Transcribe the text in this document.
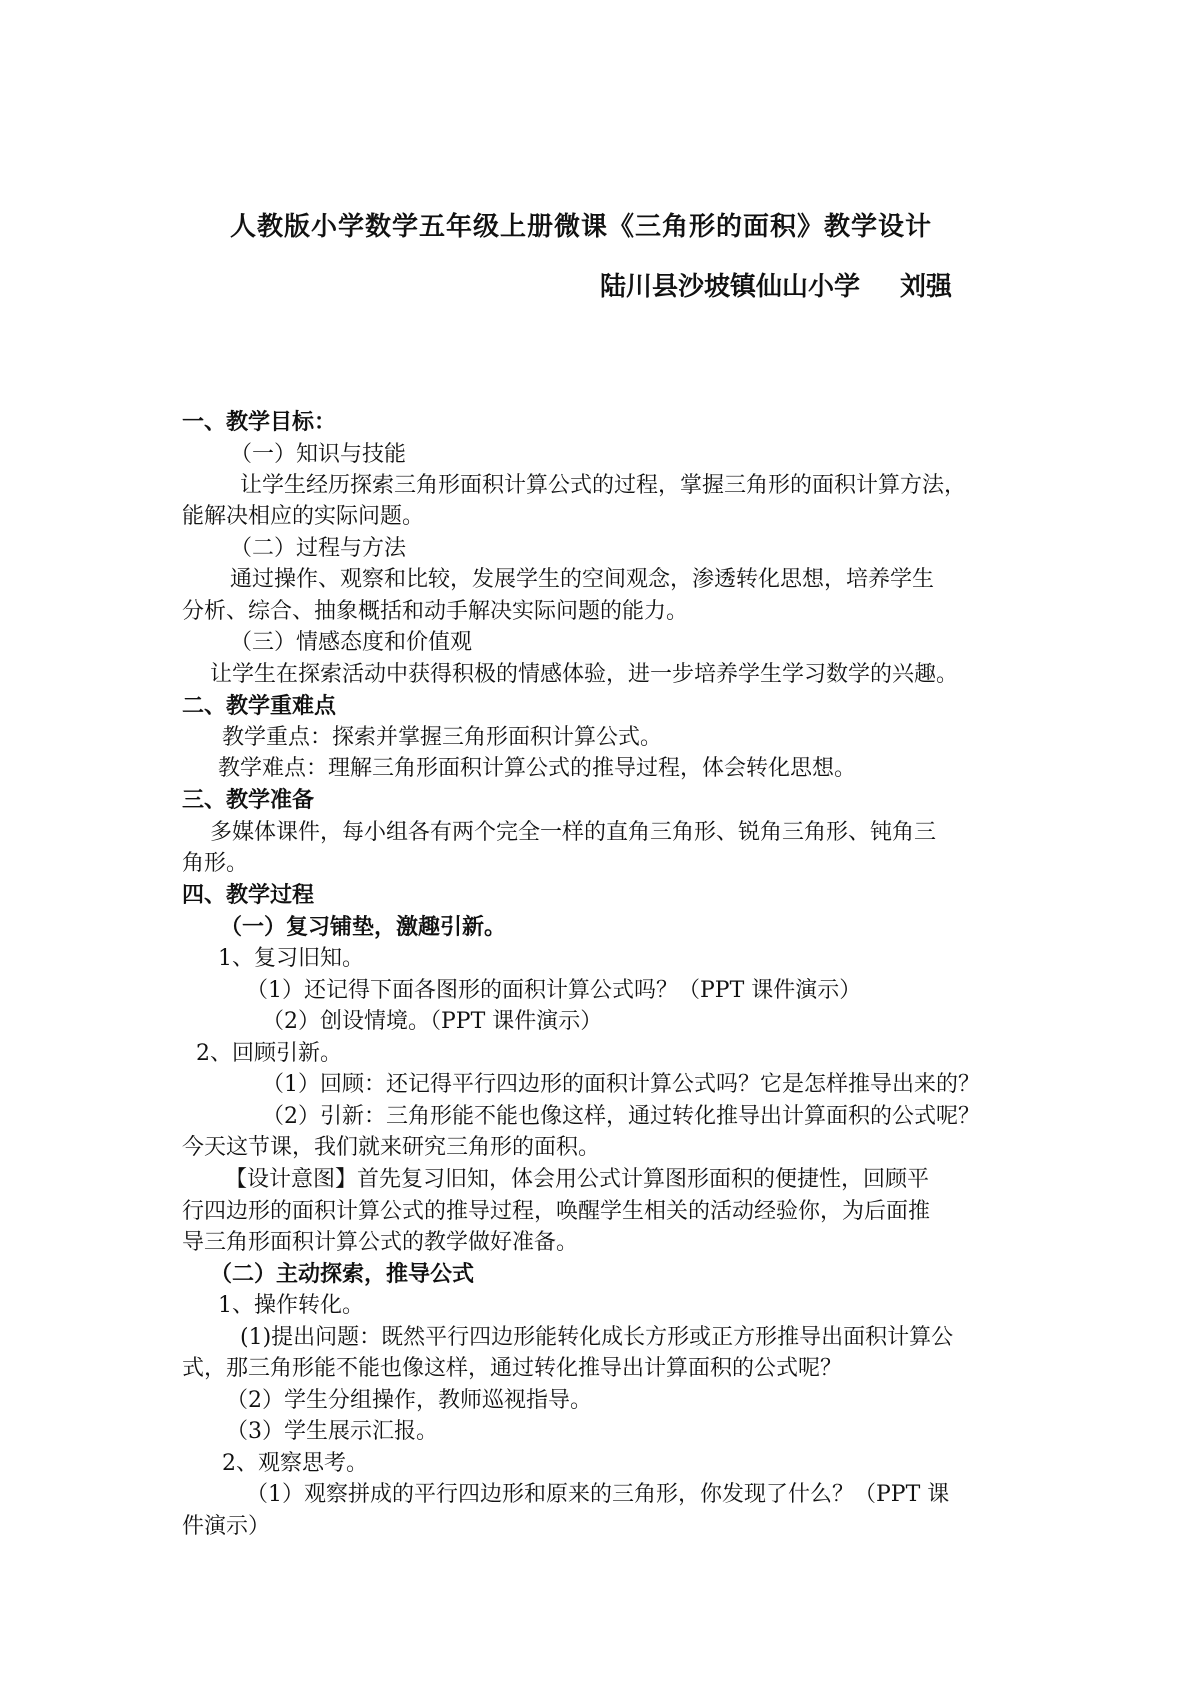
人教版小学数学五年级上册微课《三角形的面积》教学设计
陆川县沙坡镇仙山小学 刘强
一、教学目标：
（一）知识与技能
让学生经历探索三角形面积计算公式的过程，掌握三角形的面积计算方法，
能解决相应的实际问题。
（二）过程与方法
通过操作、观察和比较，发展学生的空间观念，渗透转化思想，培养学生
分析、综合、抽象概括和动手解决实际问题的能力。
（三）情感态度和价值观
让学生在探索活动中获得积极的情感体验，进一步培养学生学习数学的兴趣。
二、教学重难点
教学重点：探索并掌握三角形面积计算公式。
教学难点：理解三角形面积计算公式的推导过程，体会转化思想。
三、教学准备
多媒体课件，每小组各有两个完全一样的直角三角形、锐角三角形、钝角三
角形。
四、教学过程
（一）复习铺垫，激趣引新。
1、复习旧知。
（1）还记得下面各图形的面积计算公式吗？（PPT 课件演示）
（2）创设情境。（PPT 课件演示）
2、回顾引新。
（1）回顾：还记得平行四边形的面积计算公式吗？它是怎样推导出来的？
（2）引新：三角形能不能也像这样，通过转化推导出计算面积的公式呢？
今天这节课，我们就来研究三角形的面积。
【设计意图】首先复习旧知，体会用公式计算图形面积的便捷性，回顾平
行四边形的面积计算公式的推导过程，唤醒学生相关的活动经验你，为后面推
导三角形面积计算公式的教学做好准备。
（二）主动探索，推导公式
1、操作转化。
(1)提出问题：既然平行四边形能转化成长方形或正方形推导出面积计算公
式，那三角形能不能也像这样，通过转化推导出计算面积的公式呢？
（2）学生分组操作，教师巡视指导。
（3）学生展示汇报。
2、观察思考。
（1）观察拼成的平行四边形和原来的三角形，你发现了什么？（PPT 课
件演示）
